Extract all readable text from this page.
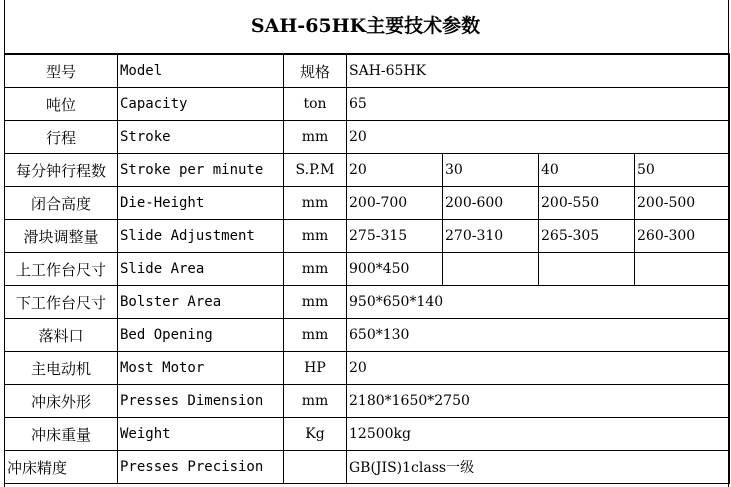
SAH-65HK主要技术参数
型号	Model	规格	SAH-65HK			
吨位	Capacity	ton	65			
行程	Stroke	mm	20			
每分钟行程数	Stroke per minute	S.P.M	20	30	40	50
闭合高度	Die-Height	mm	200-700	200-600	200-550	200-500
滑块调整量	Slide Adjustment	mm	275-315	270-310	265-305	260-300
上工作台尺寸	Slide Area	mm	900*450			
下工作台尺寸	Bolster Area	mm	950*650*140			
落料口	Bed Opening	mm	650*130			
主电动机	Most Motor	HP	20			
冲床外形	Presses Dimension	mm	2180*1650*2750			
冲床重量	Weight	Kg	12500kg			
冲床精度	Presses Precision		GB(JIS)1class一级			
